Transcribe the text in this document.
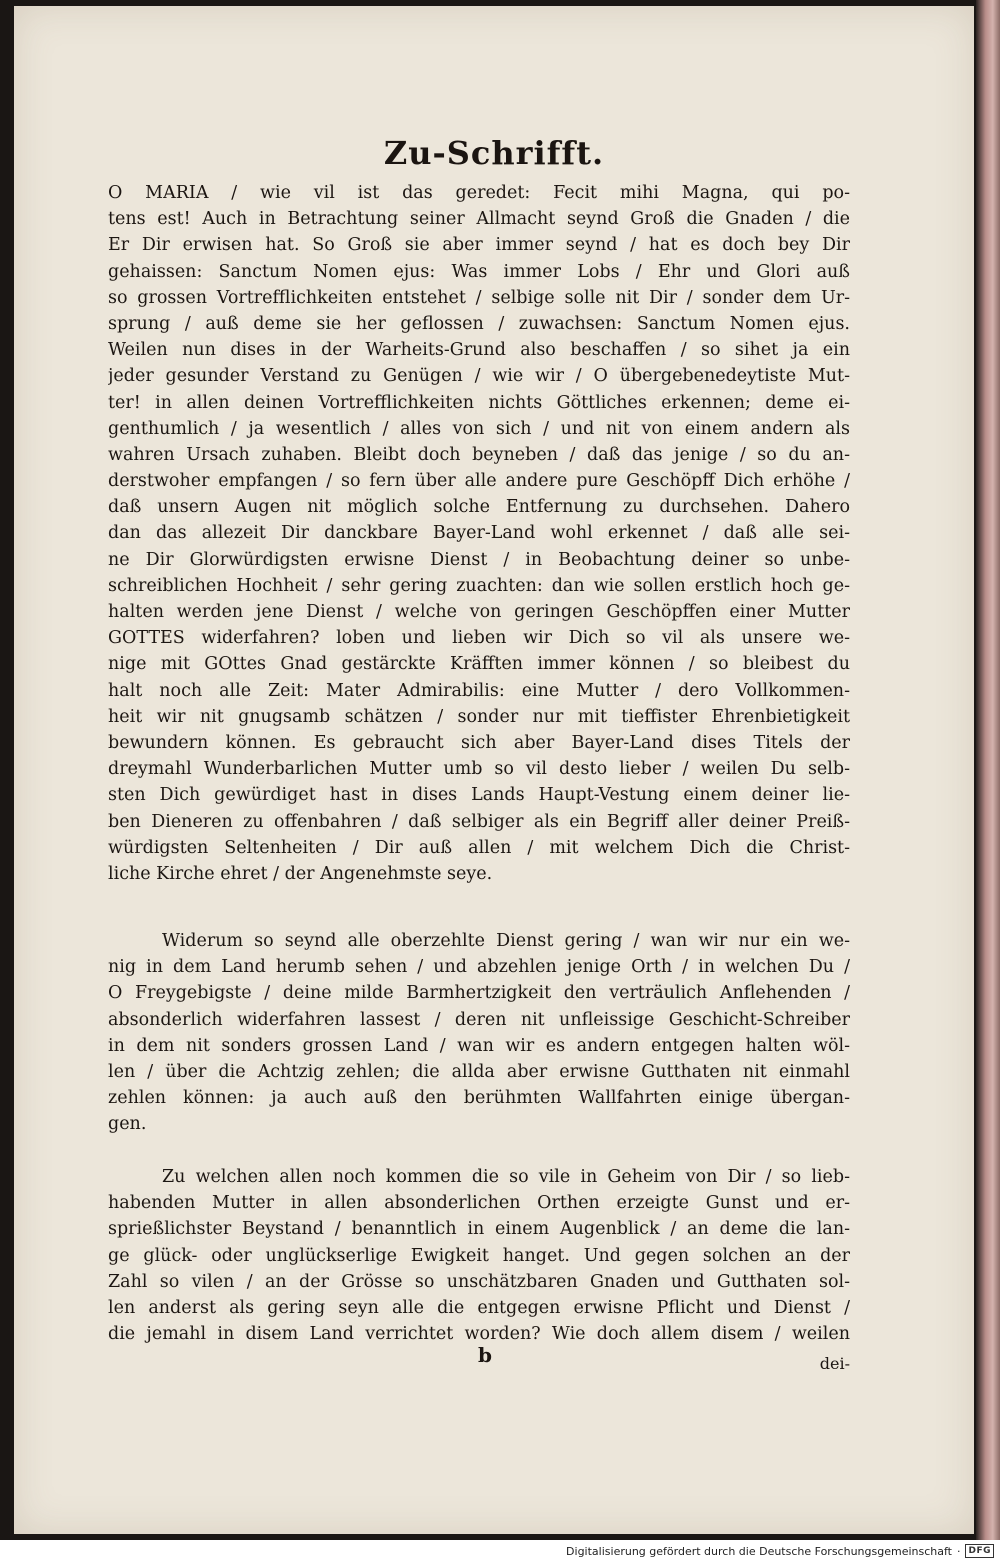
Zu-Schrifft.
O MARIA / wie vil ist das geredet: Fecit mihi Magna, qui po-
tens est! Auch in Betrachtung seiner Allmacht seynd Groß die Gnaden / die
Er Dir erwisen hat. So Groß sie aber immer seynd / hat es doch bey Dir
gehaissen: Sanctum Nomen ejus: Was immer Lobs / Ehr und Glori auß
so grossen Vortrefflichkeiten entstehet / selbige solle nit Dir / sonder dem Ur-
sprung / auß deme sie her geflossen / zuwachsen: Sanctum Nomen ejus.
Weilen nun dises in der Warheits-Grund also beschaffen / so sihet ja ein
jeder gesunder Verstand zu Genügen / wie wir / O übergebenedeytiste Mut-
ter! in allen deinen Vortrefflichkeiten nichts Göttliches erkennen; deme ei-
genthumlich / ja wesentlich / alles von sich / und nit von einem andern als
wahren Ursach zuhaben. Bleibt doch beyneben / daß das jenige / so du an-
derstwoher empfangen / so fern über alle andere pure Geschöpff Dich erhöhe /
daß unsern Augen nit möglich solche Entfernung zu durchsehen. Dahero
dan das allezeit Dir danckbare Bayer-Land wohl erkennet / daß alle sei-
ne Dir Glorwürdigsten erwisne Dienst / in Beobachtung deiner so unbe-
schreiblichen Hochheit / sehr gering zuachten: dan wie sollen erstlich hoch ge-
halten werden jene Dienst / welche von geringen Geschöpffen einer Mutter
GOTTES widerfahren? loben und lieben wir Dich so vil als unsere we-
nige mit GOttes Gnad gestärckte Kräfften immer können / so bleibest du
halt noch alle Zeit: Mater Admirabilis: eine Mutter / dero Vollkommen-
heit wir nit gnugsamb schätzen / sonder nur mit tieffister Ehrenbietigkeit
bewundern können. Es gebraucht sich aber Bayer-Land dises Titels der
dreymahl Wunderbarlichen Mutter umb so vil desto lieber / weilen Du selb-
sten Dich gewürdiget hast in dises Lands Haupt-Vestung einem deiner lie-
ben Dieneren zu offenbahren / daß selbiger als ein Begriff aller deiner Preiß-
würdigsten Seltenheiten / Dir auß allen / mit welchem Dich die Christ-
liche Kirche ehret / der Angenehmste seye.
Widerum so seynd alle oberzehlte Dienst gering / wan wir nur ein we-
nig in dem Land herumb sehen / und abzehlen jenige Orth / in welchen Du /
O Freygebigste / deine milde Barmhertzigkeit den verträulich Anflehenden /
absonderlich widerfahren lassest / deren nit unfleissige Geschicht-Schreiber
in dem nit sonders grossen Land / wan wir es andern entgegen halten wöl-
len / über die Achtzig zehlen; die allda aber erwisne Gutthaten nit einmahl
zehlen können: ja auch auß den berühmten Wallfahrten einige übergan-
gen.
Zu welchen allen noch kommen die so vile in Geheim von Dir / so lieb-
habenden Mutter in allen absonderlichen Orthen erzeigte Gunst und er-
sprießlichster Beystand / benanntlich in einem Augenblick / an deme die lan-
ge glück- oder unglückserlige Ewigkeit hanget. Und gegen solchen an der
Zahl so vilen / an der Grösse so unschätzbaren Gnaden und Gutthaten sol-
len anderst als gering seyn alle die entgegen erwisne Pflicht und Dienst /
die jemahl in disem Land verrichtet worden? Wie doch allem disem / weilen
b	dei-
Digitalisierung gefördert durch die Deutsche Forschungsgemeinschaft · DFG
